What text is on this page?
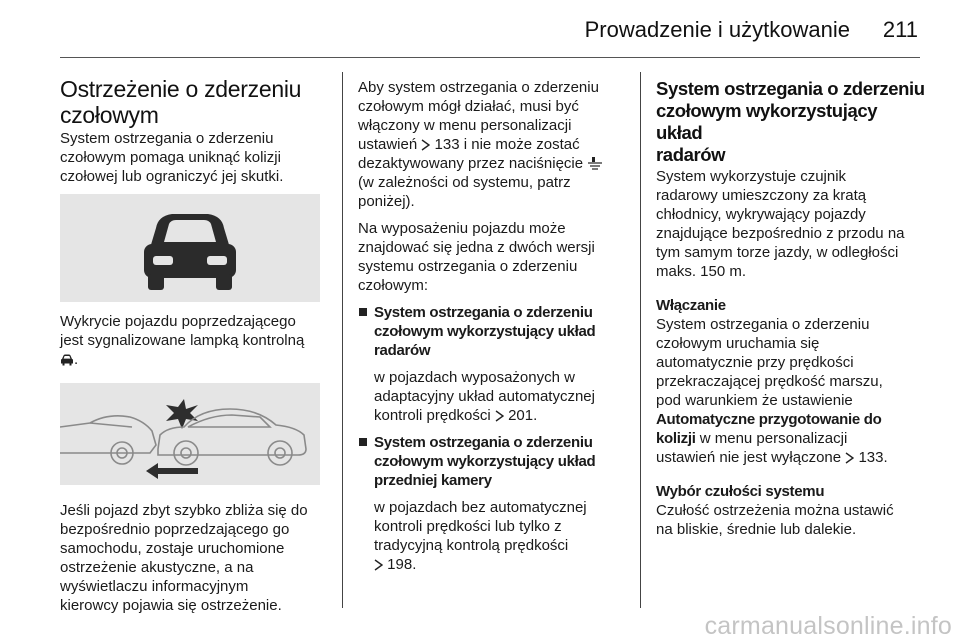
Prowadzenie i użytkowanie	211
Ostrzeżenie o zderzeniu
czołowym
System ostrzegania o zderzeniu
czołowym pomaga uniknąć kolizji
czołowej lub ograniczyć jej skutki.
Wykrycie pojazdu poprzedzającego
jest sygnalizowane lampką kontrolną
.
Jeśli pojazd zbyt szybko zbliża się do
bezpośrednio poprzedzającego go
samochodu, zostaje uruchomione
ostrzeżenie akustyczne, a na
wyświetlaczu informacyjnym
kierowcy pojawia się ostrzeżenie.
Aby system ostrzegania o zderzeniu
czołowym mógł działać, musi być
włączony w menu personalizacji
ustawień  133 i nie może zostać
dezaktywowany przez naciśnięcie
(w zależności od systemu, patrz
poniżej).
Na wyposażeniu pojazdu może
znajdować się jedna z dwóch wersji
systemu ostrzegania o zderzeniu
czołowym:
System ostrzegania o zderzeniu
czołowym wykorzystujący układ
radarów
w pojazdach wyposażonych w
adaptacyjny układ automatycznej
kontroli prędkości  201.
System ostrzegania o zderzeniu
czołowym wykorzystujący układ
przedniej kamery
w pojazdach bez automatycznej
kontroli prędkości lub tylko z
tradycyjną kontrolą prędkości
198.
System ostrzegania o zderzeniu
czołowym wykorzystujący układ
radarów
System wykorzystuje czujnik
radarowy umieszczony za kratą
chłodnicy, wykrywający pojazdy
znajdujące bezpośrednio z przodu na
tym samym torze jazdy, w odległości
maks. 150 m.
Włączanie
System ostrzegania o zderzeniu
czołowym uruchamia się
automatycznie przy prędkości
przekraczającej prędkość marszu,
pod warunkiem że ustawienie
Automatyczne przygotowanie do
kolizji w menu personalizacji
ustawień nie jest wyłączone  133.
Wybór czułości systemu
Czułość ostrzeżenia można ustawić
na bliskie, średnie lub dalekie.
carmanualsonline.info
